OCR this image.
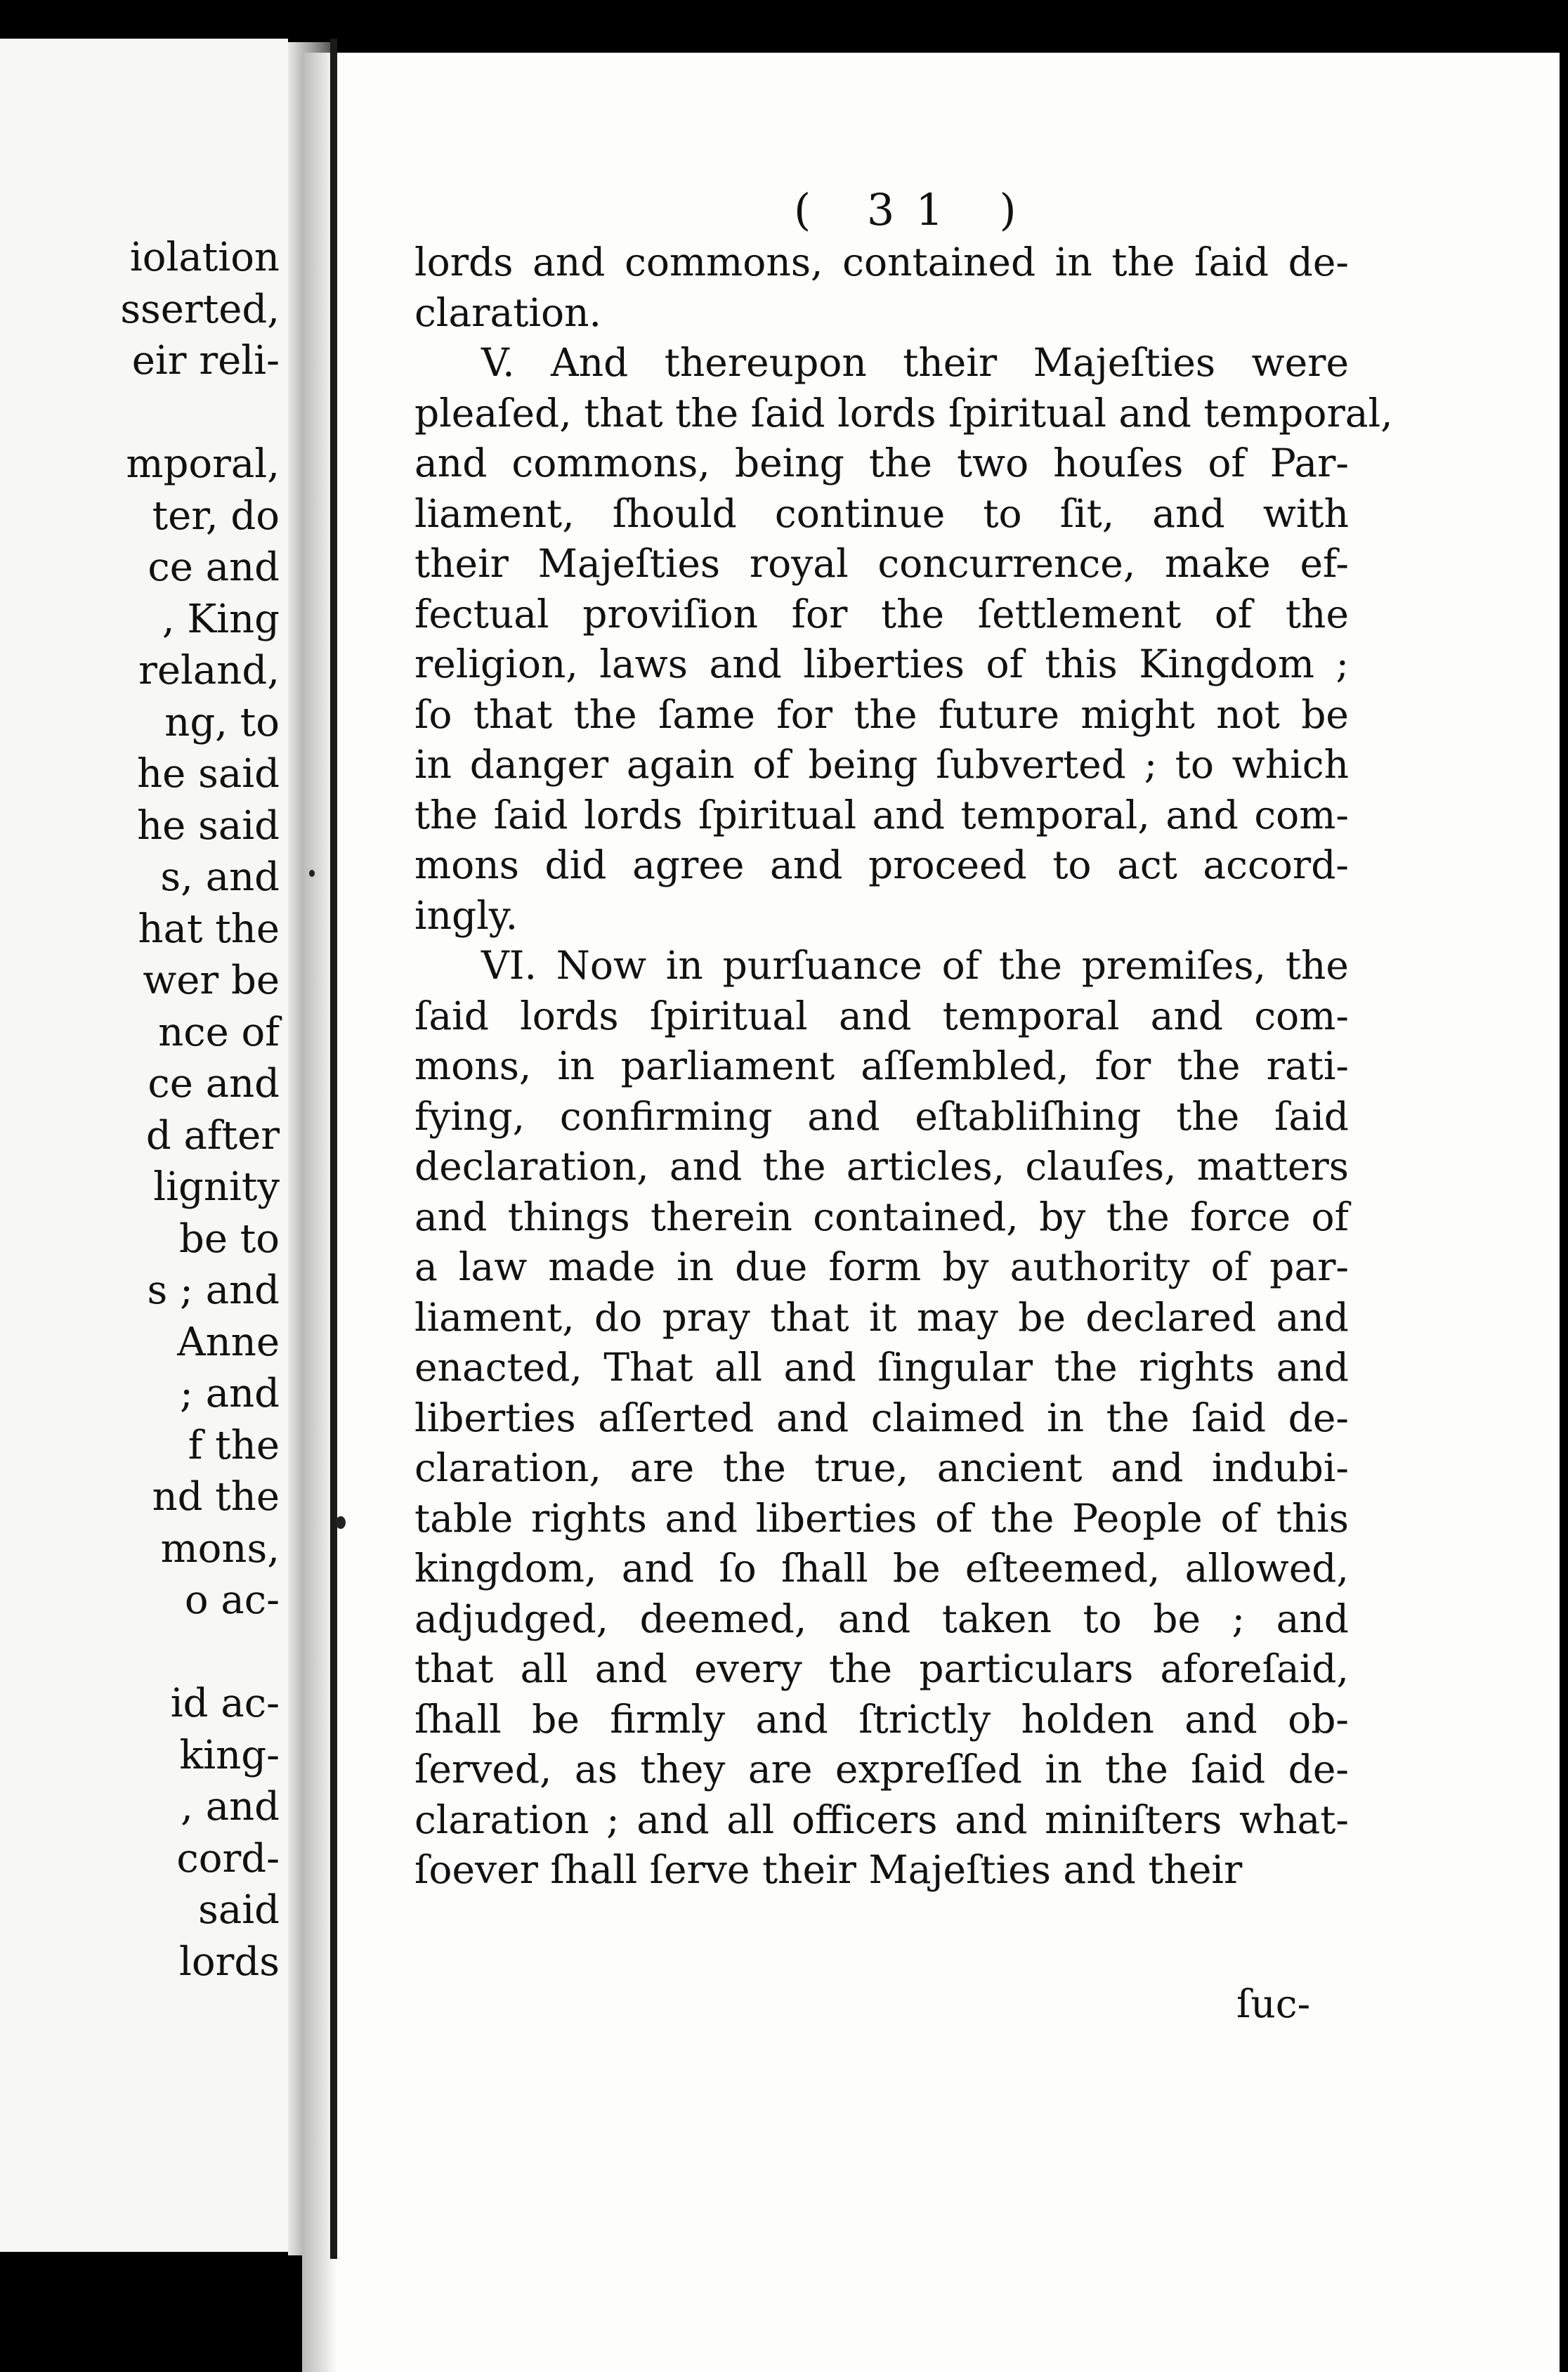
iolation
sserted,
eir reli-
mporal,
ter, do
ce and
, King
reland,
ng, to
he said
he said
s, and
hat the
wer be
nce of
ce and
d after
lignity
be to
s ; and
Anne
; and
f the
nd the
mons,
o ac-
id ac-
king-
, and
cord-
said
lords
( 31 )
lords and commons, contained in the ſaid de-
claration.
V. And thereupon their Majeſties were
pleaſed, that the ſaid lords ſpiritual and temporal,
and commons, being the two houſes of Par-
liament, ſhould continue to ſit, and with
their Majeſties royal concurrence, make ef-
fectual proviſion for the ſettlement of the
religion, laws and liberties of this Kingdom ;
ſo that the ſame for the future might not be
in danger again of being ſubverted ; to which
the ſaid lords ſpiritual and temporal, and com-
mons did agree and proceed to act accord-
ingly.
VI. Now in purſuance of the premiſes, the
ſaid lords ſpiritual and temporal and com-
mons, in parliament aſſembled, for the rati-
fying, confirming and eſtabliſhing the ſaid
declaration, and the articles, clauſes, matters
and things therein contained, by the force of
a law made in due form by authority of par-
liament, do pray that it may be declared and
enacted, That all and ſingular the rights and
liberties aſſerted and claimed in the ſaid de-
claration, are the true, ancient and indubi-
table rights and liberties of the People of this
kingdom, and ſo ſhall be eſteemed, allowed,
adjudged, deemed, and taken to be ; and
that all and every the particulars aforeſaid,
ſhall be firmly and ſtrictly holden and ob-
ſerved, as they are expreſſed in the ſaid de-
claration ; and all officers and miniſters what-
ſoever ſhall ſerve their Majeſties and their
ſuc-
